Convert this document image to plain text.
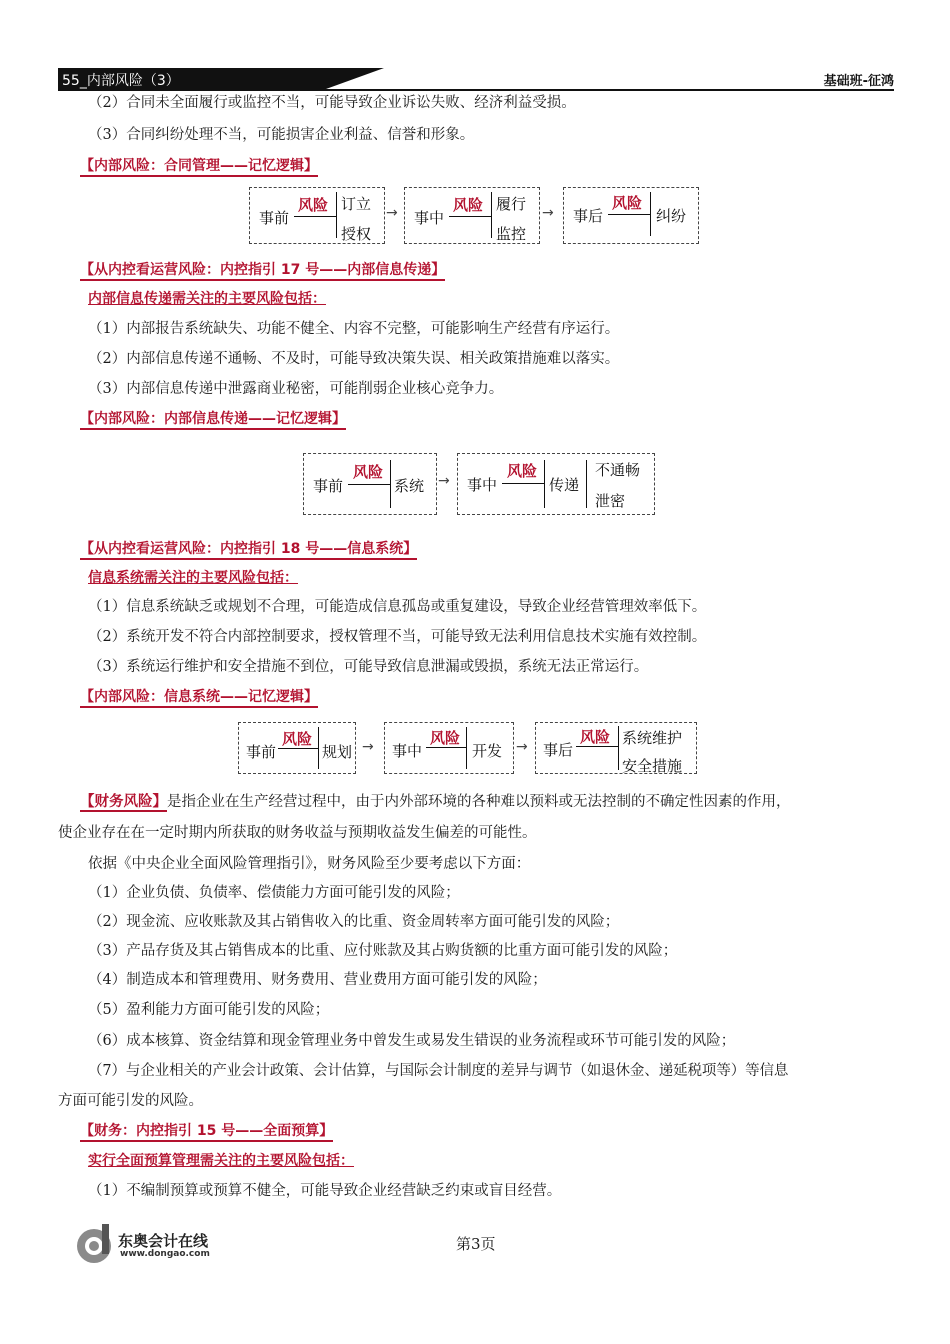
55_内部风险（3）	基础班-征鸿
（2）合同未全面履行或监控不当，可能导致企业诉讼失败、经济利益受损。
（3）合同纠纷处理不当，可能损害企业利益、信誉和形象。
【内部风险：合同管理——记忆逻辑】
事前
风险 订立
授权
→ 事中
风险 履行
监控
→ 事后
风险
纠纷
【从内控看运营风险：内控指引 17 号——内部信息传递】
内部信息传递需关注的主要风险包括：
（1）内部报告系统缺失、功能不健全、内容不完整，可能影响生产经营有序运行。
（2）内部信息传递不通畅、不及时，可能导致决策失误、相关政策措施难以落实。
（3）内部信息传递中泄露商业秘密，可能削弱企业核心竞争力。
【内部风险：内部信息传递——记忆逻辑】
事前
风险
系统 → 事中
风险
传递
不通畅
泄密
【从内控看运营风险：内控指引 18 号——信息系统】
信息系统需关注的主要风险包括：
（1）信息系统缺乏或规划不合理，可能造成信息孤岛或重复建设，导致企业经营管理效率低下。
（2）系统开发不符合内部控制要求，授权管理不当，可能导致无法利用信息技术实施有效控制。
（3）系统运行维护和安全措施不到位，可能导致信息泄漏或毁损，系统无法正常运行。
【内部风险：信息系统——记忆逻辑】
事前
风险
规划 → 事中
风险
开发 → 事后
风险 系统维护
安全措施
【财务风险】是指企业在生产经营过程中，由于内外部环境的各种难以预料或无法控制的不确定性因素的作用，
使企业存在在一定时期内所获取的财务收益与预期收益发生偏差的可能性。
依据《中央企业全面风险管理指引》，财务风险至少要考虑以下方面：
（1）企业负债、负债率、偿债能力方面可能引发的风险；
（2）现金流、应收账款及其占销售收入的比重、资金周转率方面可能引发的风险；
（3）产品存货及其占销售成本的比重、应付账款及其占购货额的比重方面可能引发的风险；
（4）制造成本和管理费用、财务费用、营业费用方面可能引发的风险；
（5）盈利能力方面可能引发的风险；
（6）成本核算、资金结算和现金管理业务中曾发生或易发生错误的业务流程或环节可能引发的风险；
（7）与企业相关的产业会计政策、会计估算，与国际会计制度的差异与调节（如退休金、递延税项等）等信息
方面可能引发的风险。
【财务：内控指引 15 号——全面预算】
实行全面预算管理需关注的主要风险包括：
（1）不编制预算或预算不健全，可能导致企业经营缺乏约束或盲目经营。
东奥会计在线
www.dongao.com
第3页
